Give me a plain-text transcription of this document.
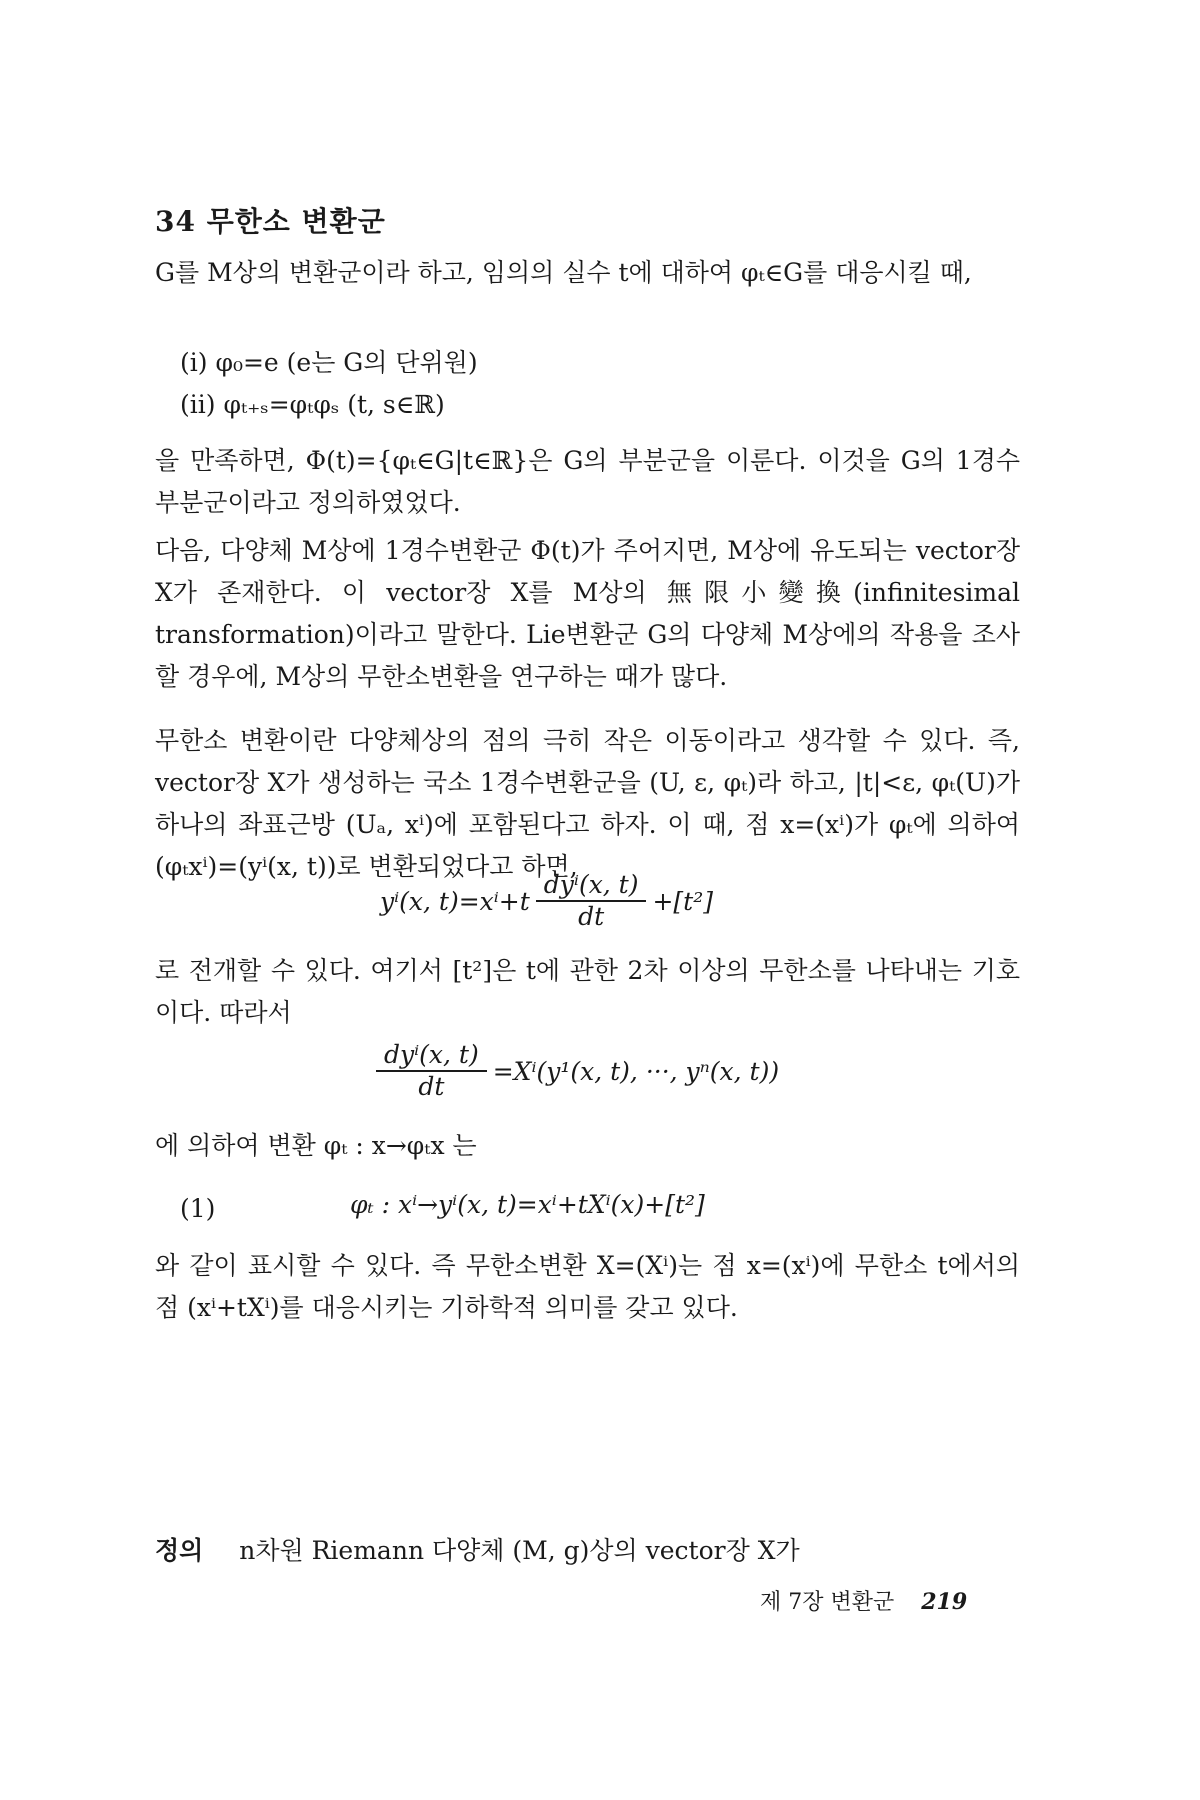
34 무한소 변환군
G를 M상의 변환군이라 하고, 임의의 실수 t에 대하여 φₜ∈G를 대응시킬 때,
(i) φ₀=e (e는 G의 단위원)
(ii) φₜ₊ₛ=φₜφₛ (t, s∈ℝ)
을 만족하면, Φ(t)={φₜ∈G|t∈ℝ}은 G의 부분군을 이룬다. 이것을 G의 1경수부분군이라고 정의하였었다.
다음, 다양체 M상에 1경수변환군 Φ(t)가 주어지면, M상에 유도되는 vector장 X가 존재한다. 이 vector장 X를 M상의 無限小變換(infinitesimal transformation)이라고 말한다. Lie변환군 G의 다양체 M상에의 작용을 조사할 경우에, M상의 무한소변환을 연구하는 때가 많다.
무한소 변환이란 다양체상의 점의 극히 작은 이동이라고 생각할 수 있다. 즉, vector장 X가 생성하는 국소 1경수변환군을 (U, ε, φₜ)라 하고, |t|<ε, φₜ(U)가 하나의 좌표근방 (Uₐ, xⁱ)에 포함된다고 하자. 이 때, 점 x=(xⁱ)가 φₜ에 의하여 (φₜxⁱ)=(yⁱ(x, t))로 변환되었다고 하면,
yⁱ(x, $t)=x^i+t \frac{\text{dyⁱ(x, t)}}{dt} +[t^2]$
로 전개할 수 있다. 여기서 [t²]은 t에 관한 2차 이상의 무한소를 나타내는 기호이다. 따라서
$\frac{\text{dyⁱ(x, t)}}{dt} =X^i(y^1(x$, t), ···, yⁿ(x, t))
에 의하여 변환 φₜ : x→φₜx 는
(1)	φₜ : xⁱ→yⁱ(x, t)=xⁱ+tXⁱ(x)+[t²]
와 같이 표시할 수 있다. 즉 무한소변환 X=(Xⁱ)는 점 x=(xⁱ)에 무한소 t에서의 점 (xⁱ+tXⁱ)를 대응시키는 기하학적 의미를 갖고 있다.
정의 n차원 Riemann 다양체 (M, g)상의 vector장 X가
제 7장 변환군 219
